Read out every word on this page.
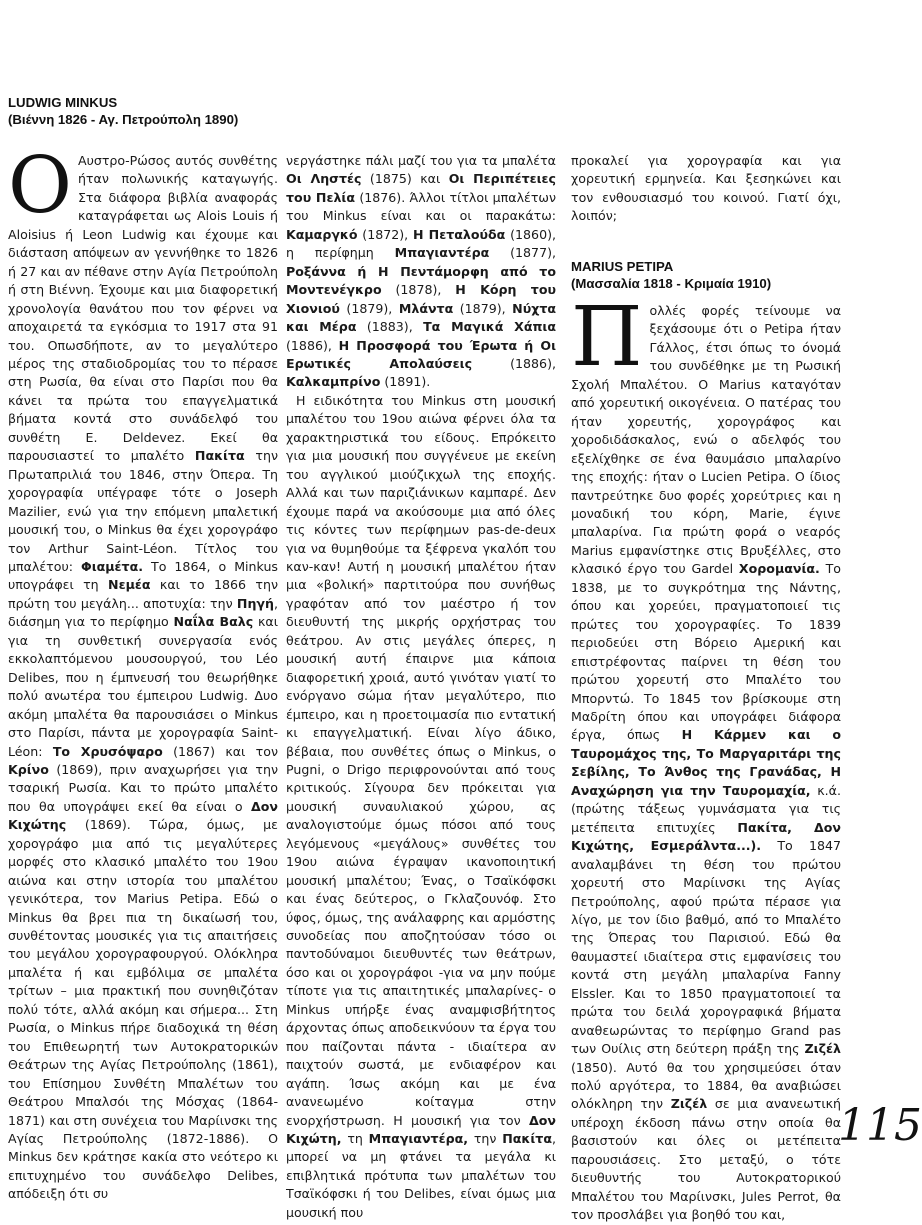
LUDWIG MINKUS
(Βιέννη 1826 - Αγ. Πετρούπολη 1890)
Ο Αυστρο-Ρώσος αυτός συνθέτης ήταν πολωνικής καταγωγής. Στα διάφορα βιβλία αναφοράς καταγράφεται ως Alois Louis ή Aloisius ή Leon Ludwig και έχουμε και διάσταση απόψεων αν γεννήθηκε το 1826 ή 27 και αν πέθανε στην Αγία Πετρούπολη ή στη Βιέννη. Έχουμε και μια διαφορετική χρονολογία θανάτου που τον φέρνει να αποχαιρετά τα εγκόσμια το 1917 στα 91 του. Οπωσδήποτε, αν το μεγαλύτερο μέρος της σταδιοδρομίας του το πέρασε στη Ρωσία, θα είναι στο Παρίσι που θα κάνει τα πρώτα του επαγγελματικά βήματα κοντά στο συνάδελφό του συνθέτη E. Deldevez. Εκεί θα παρουσιαστεί το μπαλέτο Πακίτα την Πρωταπριλιά του 1846, στην Όπερα. Τη χορογραφία υπέγραφε τότε ο Joseph Mazilier, ενώ για την επόμενη μπαλετική μουσική του, ο Minkus θα έχει χορογράφο τον Arthur Saint-Léon. Τίτλος του μπαλέτου: Φιαμέτα. Το 1864, ο Minkus υπογράφει τη Νεμέα και το 1866 την πρώτη του μεγάλη... αποτυχία: την Πηγή, διάσημη για το περίφημο Ναΐλα Βαλς και για τη συνθετική συνεργασία ενός εκκολαπτόμενου μουσουργού, του Léo Delibes, που η έμπνευσή του θεωρήθηκε πολύ ανωτέρα του έμπειρου Ludwig. Δυο ακόμη μπαλέτα θα παρουσιάσει ο Minkus στο Παρίσι, πάντα με χορογραφία Saint-Léon: Το Χρυσόψαρο (1867) και τον Κρίνο (1869), πριν αναχωρήσει για την τσαρική Ρωσία. Και το πρώτο μπαλέτο που θα υπογράψει εκεί θα είναι ο Δον Κιχώτης (1869). Τώρα, όμως, με χορογράφο μια από τις μεγαλύτερες μορφές στο κλασικό μπαλέτο του 19ου αιώνα και στην ιστορία του μπαλέτου γενικότερα, τον Marius Petipa. Εδώ ο Minkus θα βρει πια τη δικαίωσή του, συνθέτοντας μουσικές για τις απαιτήσεις του μεγάλου χορογραφουργού. Ολόκληρα μπαλέτα ή και εμβόλιμα σε μπαλέτα τρίτων – μια πρακτική που συνηθιζόταν πολύ τότε, αλλά ακόμη και σήμερα... Στη Ρωσία, ο Minkus πήρε διαδοχικά τη θέση του Επιθεωρητή των Αυτοκρατορικών Θεάτρων της Αγίας Πετρούπολης (1861), του Επίσημου Συνθέτη Μπαλέτων του Θεάτρου Μπαλσόι της Μόσχας (1864-1871) και στη συνέχεια του Μαρίινσκι της Αγίας Πετρούπολης (1872-1886). Ο Minkus δεν κράτησε κακία στο νεότερο κι επιτυχημένο του συνάδελφο Delibes, απόδειξη ότι συ

νεργάστηκε πάλι μαζί του για τα μπαλέτα Οι Ληστές (1875) και Οι Περιπέτειες του Πελία (1876). Άλλοι τίτλοι μπαλέτων του Minkus είναι και οι παρακάτω: Καμαργκό (1872), Η Πεταλούδα (1860), η περίφημη Μπαγιαντέρα (1877), Ροξάννα ή Η Πεντάμορφη από το Μοντενέγκρο (1878), Η Κόρη του Χιονιού (1879), Μλάντα (1879), Νύχτα και Μέρα (1883), Τα Μαγικά Χάπια (1886), Η Προσφορά του Έρωτα ή Οι Ερωτικές Απολαύσεις (1886), Καλκαμπρίνο (1891).

Η ειδικότητα του Minkus στη μουσική μπαλέτου του 19ου αιώνα φέρνει όλα τα χαρακτηριστικά του είδους. Επρόκειτο για μια μουσική που συγγένευε με εκείνη του αγγλικού μιούζικχωλ της εποχής. Αλλά και των παριζιάνικων καμπαρέ. Δεν έχουμε παρά να ακούσουμε μια από όλες τις κόντες των περίφημων pas-de-deux για να θυμηθούμε τα ξέφρενα γκαλόπ του καν-καν! Αυτή η μουσική μπαλέτου ήταν μια «βολική» παρτιτούρα που συνήθως γραφόταν από τον μαέστρο ή τον διευθυντή της μικρής ορχήστρας του θεάτρου. Αν στις μεγάλες όπερες, η μουσική αυτή έπαιρνε μια κάποια διαφορετική χροιά, αυτό γινόταν γιατί το ενόργανο σώμα ήταν μεγαλύτερο, πιο έμπειρο, και η προετοιμασία πιο εντατική κι επαγγελματική. Είναι λίγο άδικο, βέβαια, που συνθέτες όπως ο Minkus, ο Pugni, ο Drigo περιφρονούνται από τους κριτικούς. Σίγουρα δεν πρόκειται για μουσική συναυλιακού χώρου, ας αναλογιστούμε όμως πόσοι από τους λεγόμενους «μεγάλους» συνθέτες του 19ου αιώνα έγραψαν ικανοποιητική μουσική μπαλέτου; Ένας, ο Τσαϊκόφσκι και ένας δεύτερος, ο Γκλαζουνόφ. Στο ύφος, όμως, της ανάλαφρης και αρμόστης συνοδείας που αποζητούσαν τόσο οι παντοδύναμοι διευθυντές των θεάτρων, όσο και οι χορογράφοι -για να μην πούμε τίποτε για τις απαιτητικές μπαλαρίνες- ο Minkus υπήρξε ένας αναμφισβήτητος άρχοντας όπως αποδεικνύουν τα έργα του που παίζονται πάντα - ιδιαίτερα αν παιχτούν σωστά, με ενδιαφέρον και αγάπη. Ίσως ακόμη και με ένα ανανεωμένο κοίταγμα στην ενορχήστρωση. Η μουσική για τον Δον Κιχώτη, τη Μπαγιαντέρα, την Πακίτα, μπορεί να μη φτάνει τα μεγάλα κι επιβλητικά πρότυπα των μπαλέτων του Τσαϊκόφσκι ή του Delibes, είναι όμως μια μουσική που

προκαλεί για χορογραφία και για χορευτική ερμηνεία. Και ξεσηκώνει και τον ενθουσιασμό του κοινού. Γιατί όχι, λοιπόν;

MARIUS PETIPA
(Μασσαλία 1818 - Κριμαία 1910)
Π ολλές φορές τείνουμε να ξεχάσουμε ότι ο Petipa ήταν Γάλλος, έτσι όπως το όνομά του συνδέθηκε με τη Ρωσική Σχολή Μπαλέτου. Ο Marius καταγόταν από χορευτική οικογένεια. Ο πατέρας του ήταν χορευτής, χορογράφος και χοροδιδάσκαλος, ενώ ο αδελφός του εξελίχθηκε σε ένα θαυμάσιο μπαλαρίνο της εποχής: ήταν ο Lucien Petipa. Ο ίδιος παντρεύτηκε δυο φορές χορεύτριες και η μοναδική του κόρη, Marie, έγινε μπαλαρίνα. Για πρώτη φορά ο νεαρός Marius εμφανίστηκε στις Βρυξέλλες, στο κλασικό έργο του Gardel Χορομανία. Το 1838, με το συγκρότημα της Νάντης, όπου και χορεύει, πραγματοποιεί τις πρώτες του χορογραφίες. Το 1839 περιοδεύει στη Βόρειο Αμερική και επιστρέφοντας παίρνει τη θέση του πρώτου χορευτή στο Μπαλέτο του Μπορντώ. Το 1845 τον βρίσκουμε στη Μαδρίτη όπου και υπογράφει διάφορα έργα, όπως Η Κάρμεν και ο Ταυρομάχος της, Το Μαργαριτάρι της Σεβίλης, Το Άνθος της Γρανάδας, Η Αναχώρηση για την Ταυρομαχία, κ.ά. (πρώτης τάξεως γυμνάσματα για τις μετέπειτα επιτυχίες Πακίτα, Δον Κιχώτης, Εσμεράλντα...). Το 1847 αναλαμβάνει τη θέση του πρώτου χορευτή στο Μαρίινσκι της Αγίας Πετρούπολης, αφού πρώτα πέρασε για λίγο, με τον ίδιο βαθμό, από το Μπαλέτο της Όπερας του Παρισιού. Εδώ θα θαυμαστεί ιδιαίτερα στις εμφανίσεις του κοντά στη μεγάλη μπαλαρίνα Fanny Elssler. Και το 1850 πραγματοποιεί τα πρώτα του δειλά χορογραφικά βήματα αναθεωρώντας το περίφημο Grand pas των Ουίλις στη δεύτερη πράξη της Ζιζέλ (1850). Αυτό θα του χρησιμεύσει όταν πολύ αργότερα, το 1884, θα αναβιώσει ολόκληρη την Ζιζέλ σε μια ανανεωτική υπέροχη έκδοση πάνω στην οποία θα βασιστούν και όλες οι μετέπειτα παρουσιάσεις. Στο μεταξύ, ο τότε διευθυντής του Αυτοκρατορικού Μπαλέτου του Μαρίινσκι, Jules Perrot, θα τον προσλάβει για βοηθό του και,

115
